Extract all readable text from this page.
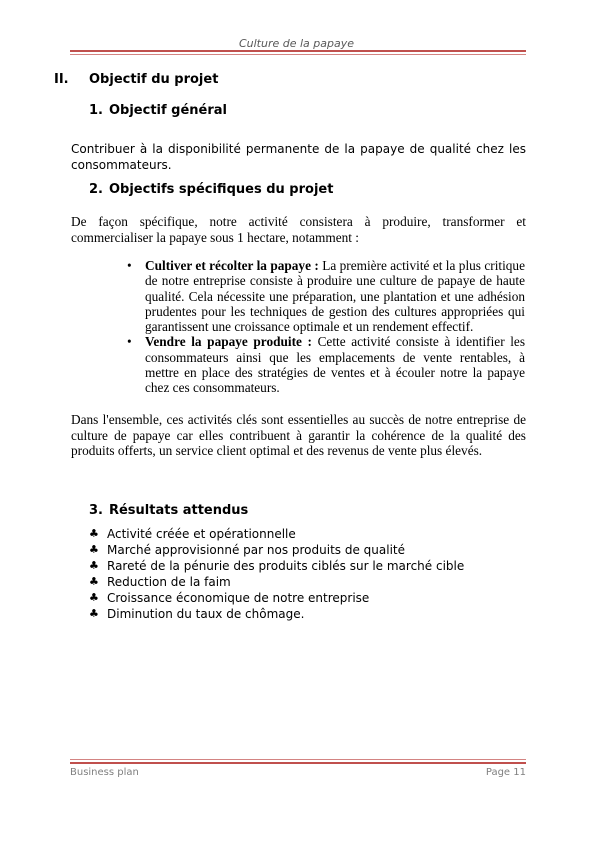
Culture de la papaye
II. Objectif du projet
1. Objectif général
Contribuer à la disponibilité permanente de la papaye de qualité chez les consommateurs.
2. Objectifs spécifiques du projet
De façon spécifique, notre activité consistera à produire, transformer et commercialiser la papaye sous 1 hectare, notamment :
• Cultiver et récolter la papaye : La première activité et la plus critique de notre entreprise consiste à produire une culture de papaye de haute qualité. Cela nécessite une préparation, une plantation et une adhésion prudentes pour les techniques de gestion des cultures appropriées qui garantissent une croissance optimale et un rendement effectif.
• Vendre la papaye produite : Cette activité consiste à identifier les consommateurs ainsi que les emplacements de vente rentables, à mettre en place des stratégies de ventes et à écouler notre la papaye chez ces consommateurs.
Dans l'ensemble, ces activités clés sont essentielles au succès de notre entreprise de culture de papaye car elles contribuent à garantir la cohérence de la qualité des produits offerts, un service client optimal et des revenus de vente plus élevés.
3. Résultats attendus
♣ Activité créée et opérationnelle
♣ Marché approvisionné par nos produits de qualité
♣ Rareté de la pénurie des produits ciblés sur le marché cible
♣ Reduction de la faim
♣ Croissance économique de notre entreprise
♣ Diminution du taux de chômage.
Business plan	Page 11
